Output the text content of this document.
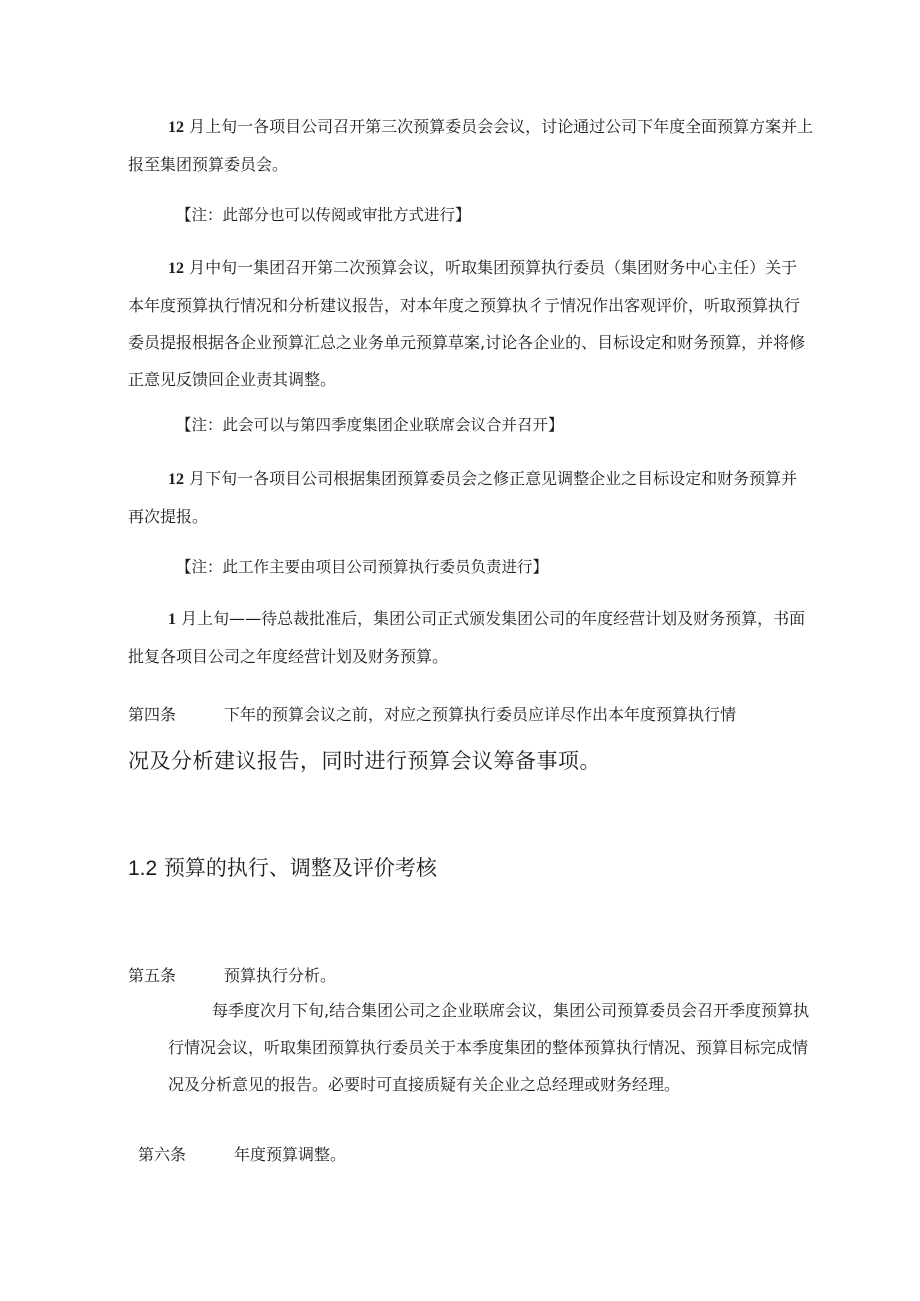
12 月上旬一各项目公司召开第三次预算委员会会议，讨论通过公司下年度全面预算方案并上
报至集团预算委员会。
【注：此部分也可以传阅或审批方式进行】
12 月中旬一集团召开第二次预算会议，听取集团预算执行委员（集团财务中心主任）关于
本年度预算执行情况和分析建议报告，对本年度之预算执彳亍情况作出客观评价，听取预算执行
委员提报根据各企业预算汇总之业务单元预算草案,讨论各企业的、目标设定和财务预算，并将修
正意见反馈回企业责其调整。
【注：此会可以与第四季度集团企业联席会议合并召开】
12 月下旬一各项目公司根据集团预算委员会之修正意见调整企业之目标设定和财务预算并
再次提报。
【注：此工作主要由项目公司预算执行委员负责进行】
1 月上旬——待总裁批准后，集团公司正式颁发集团公司的年度经营计划及财务预算，书面
批复各项目公司之年度经营计划及财务预算。
第四条	下年的预算会议之前，对应之预算执行委员应详尽作出本年度预算执行情
况及分析建议报告，同时进行预算会议筹备事项。
1.2 预算的执行、调整及评价考核
第五条	预算执行分析。
每季度次月下旬,结合集团公司之企业联席会议，集团公司预算委员会召开季度预算执
行情况会议，听取集团预算执行委员关于本季度集团的整体预算执行情况、预算目标完成情
况及分析意见的报告。必要时可直接质疑有关企业之总经理或财务经理。
第六条	年度预算调整。
